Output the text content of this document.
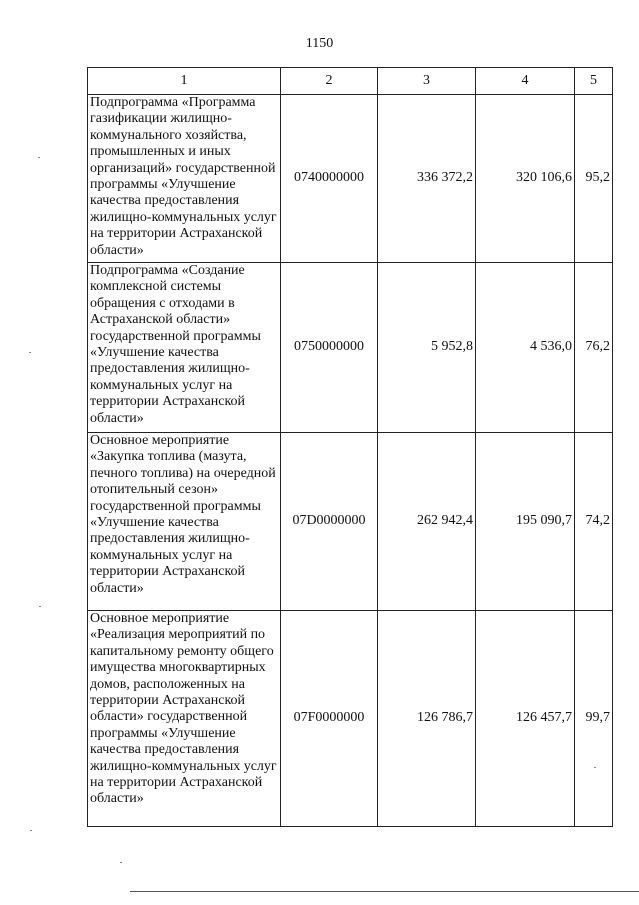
1150
1	2	3	4	5
Подпрограмма «Программа газификации жилищно-коммунального хозяйства, промышленных и иных организаций» государственной программы «Улучшение качества предоставления жилищно-коммунальных услуг на территории Астраханской области»	0740000000	336 372,2	320 106,6	95,2
Подпрограмма «Создание комплексной системы обращения с отходами в Астраханской области» государственной программы «Улучшение качества предоставления жилищно-коммунальных услуг на территории Астраханской области»	0750000000	5 952,8	4 536,0	76,2
Основное мероприятие «Закупка топлива (мазута, печного топлива) на очередной отопительный сезон» государственной программы «Улучшение качества предоставления жилищно-коммунальных услуг на территории Астраханской области»	07D0000000	262 942,4	195 090,7	74,2
Основное мероприятие «Реализация мероприятий по капитальному ремонту общего имущества многоквартирных домов, расположенных на территории Астраханской области» государственной программы «Улучшение качества предоставления жилищно-коммунальных услуг на территории Астраханской области»	07F0000000	126 786,7	126 457,7	99,7
